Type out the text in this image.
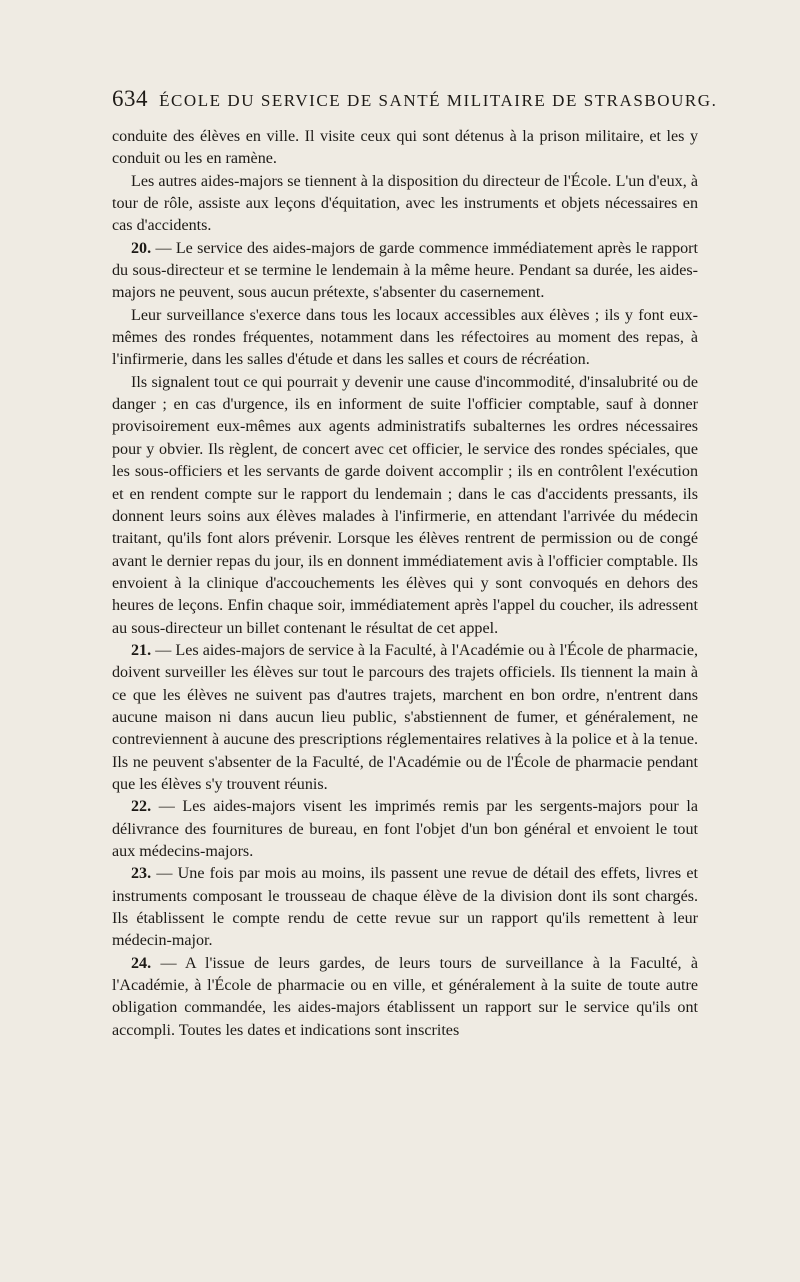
634 ÉCOLE DU SERVICE DE SANTÉ MILITAIRE DE STRASBOURG.

conduite des élèves en ville. Il visite ceux qui sont détenus à la prison militaire, et les y conduit ou les en ramène.

Les autres aides-majors se tiennent à la disposition du directeur de l'École. L'un d'eux, à tour de rôle, assiste aux leçons d'équitation, avec les instruments et objets nécessaires en cas d'accidents.

20. — Le service des aides-majors de garde commence immédiatement après le rapport du sous-directeur et se termine le lendemain à la même heure. Pendant sa durée, les aides-majors ne peuvent, sous aucun prétexte, s'absenter du casernement.

Leur surveillance s'exerce dans tous les locaux accessibles aux élèves ; ils y font eux-mêmes des rondes fréquentes, notamment dans les réfectoires au moment des repas, à l'infirmerie, dans les salles d'étude et dans les salles et cours de récréation.

Ils signalent tout ce qui pourrait y devenir une cause d'incommodité, d'insalubrité ou de danger ; en cas d'urgence, ils en informent de suite l'officier comptable, sauf à donner provisoirement eux-mêmes aux agents administratifs subalternes les ordres nécessaires pour y obvier. Ils règlent, de concert avec cet officier, le service des rondes spéciales, que les sous-officiers et les servants de garde doivent accomplir ; ils en contrôlent l'exécution et en rendent compte sur le rapport du lendemain ; dans le cas d'accidents pressants, ils donnent leurs soins aux élèves malades à l'infirmerie, en attendant l'arrivée du médecin traitant, qu'ils font alors prévenir. Lorsque les élèves rentrent de permission ou de congé avant le dernier repas du jour, ils en donnent immédiatement avis à l'officier comptable. Ils envoient à la clinique d'accouchements les élèves qui y sont convoqués en dehors des heures de leçons. Enfin chaque soir, immédiatement après l'appel du coucher, ils adressent au sous-directeur un billet contenant le résultat de cet appel.

21. — Les aides-majors de service à la Faculté, à l'Académie ou à l'École de pharmacie, doivent surveiller les élèves sur tout le parcours des trajets officiels. Ils tiennent la main à ce que les élèves ne suivent pas d'autres trajets, marchent en bon ordre, n'entrent dans aucune maison ni dans aucun lieu public, s'abstiennent de fumer, et généralement, ne contreviennent à aucune des prescriptions réglementaires relatives à la police et à la tenue. Ils ne peuvent s'absenter de la Faculté, de l'Académie ou de l'École de pharmacie pendant que les élèves s'y trouvent réunis.

22. — Les aides-majors visent les imprimés remis par les sergents-majors pour la délivrance des fournitures de bureau, en font l'objet d'un bon général et envoient le tout aux médecins-majors.

23. — Une fois par mois au moins, ils passent une revue de détail des effets, livres et instruments composant le trousseau de chaque élève de la division dont ils sont chargés. Ils établissent le compte rendu de cette revue sur un rapport qu'ils remettent à leur médecin-major.

24. — A l'issue de leurs gardes, de leurs tours de surveillance à la Faculté, à l'Académie, à l'École de pharmacie ou en ville, et généralement à la suite de toute autre obligation commandée, les aides-majors établissent un rapport sur le service qu'ils ont accompli. Toutes les dates et indications sont inscrites
